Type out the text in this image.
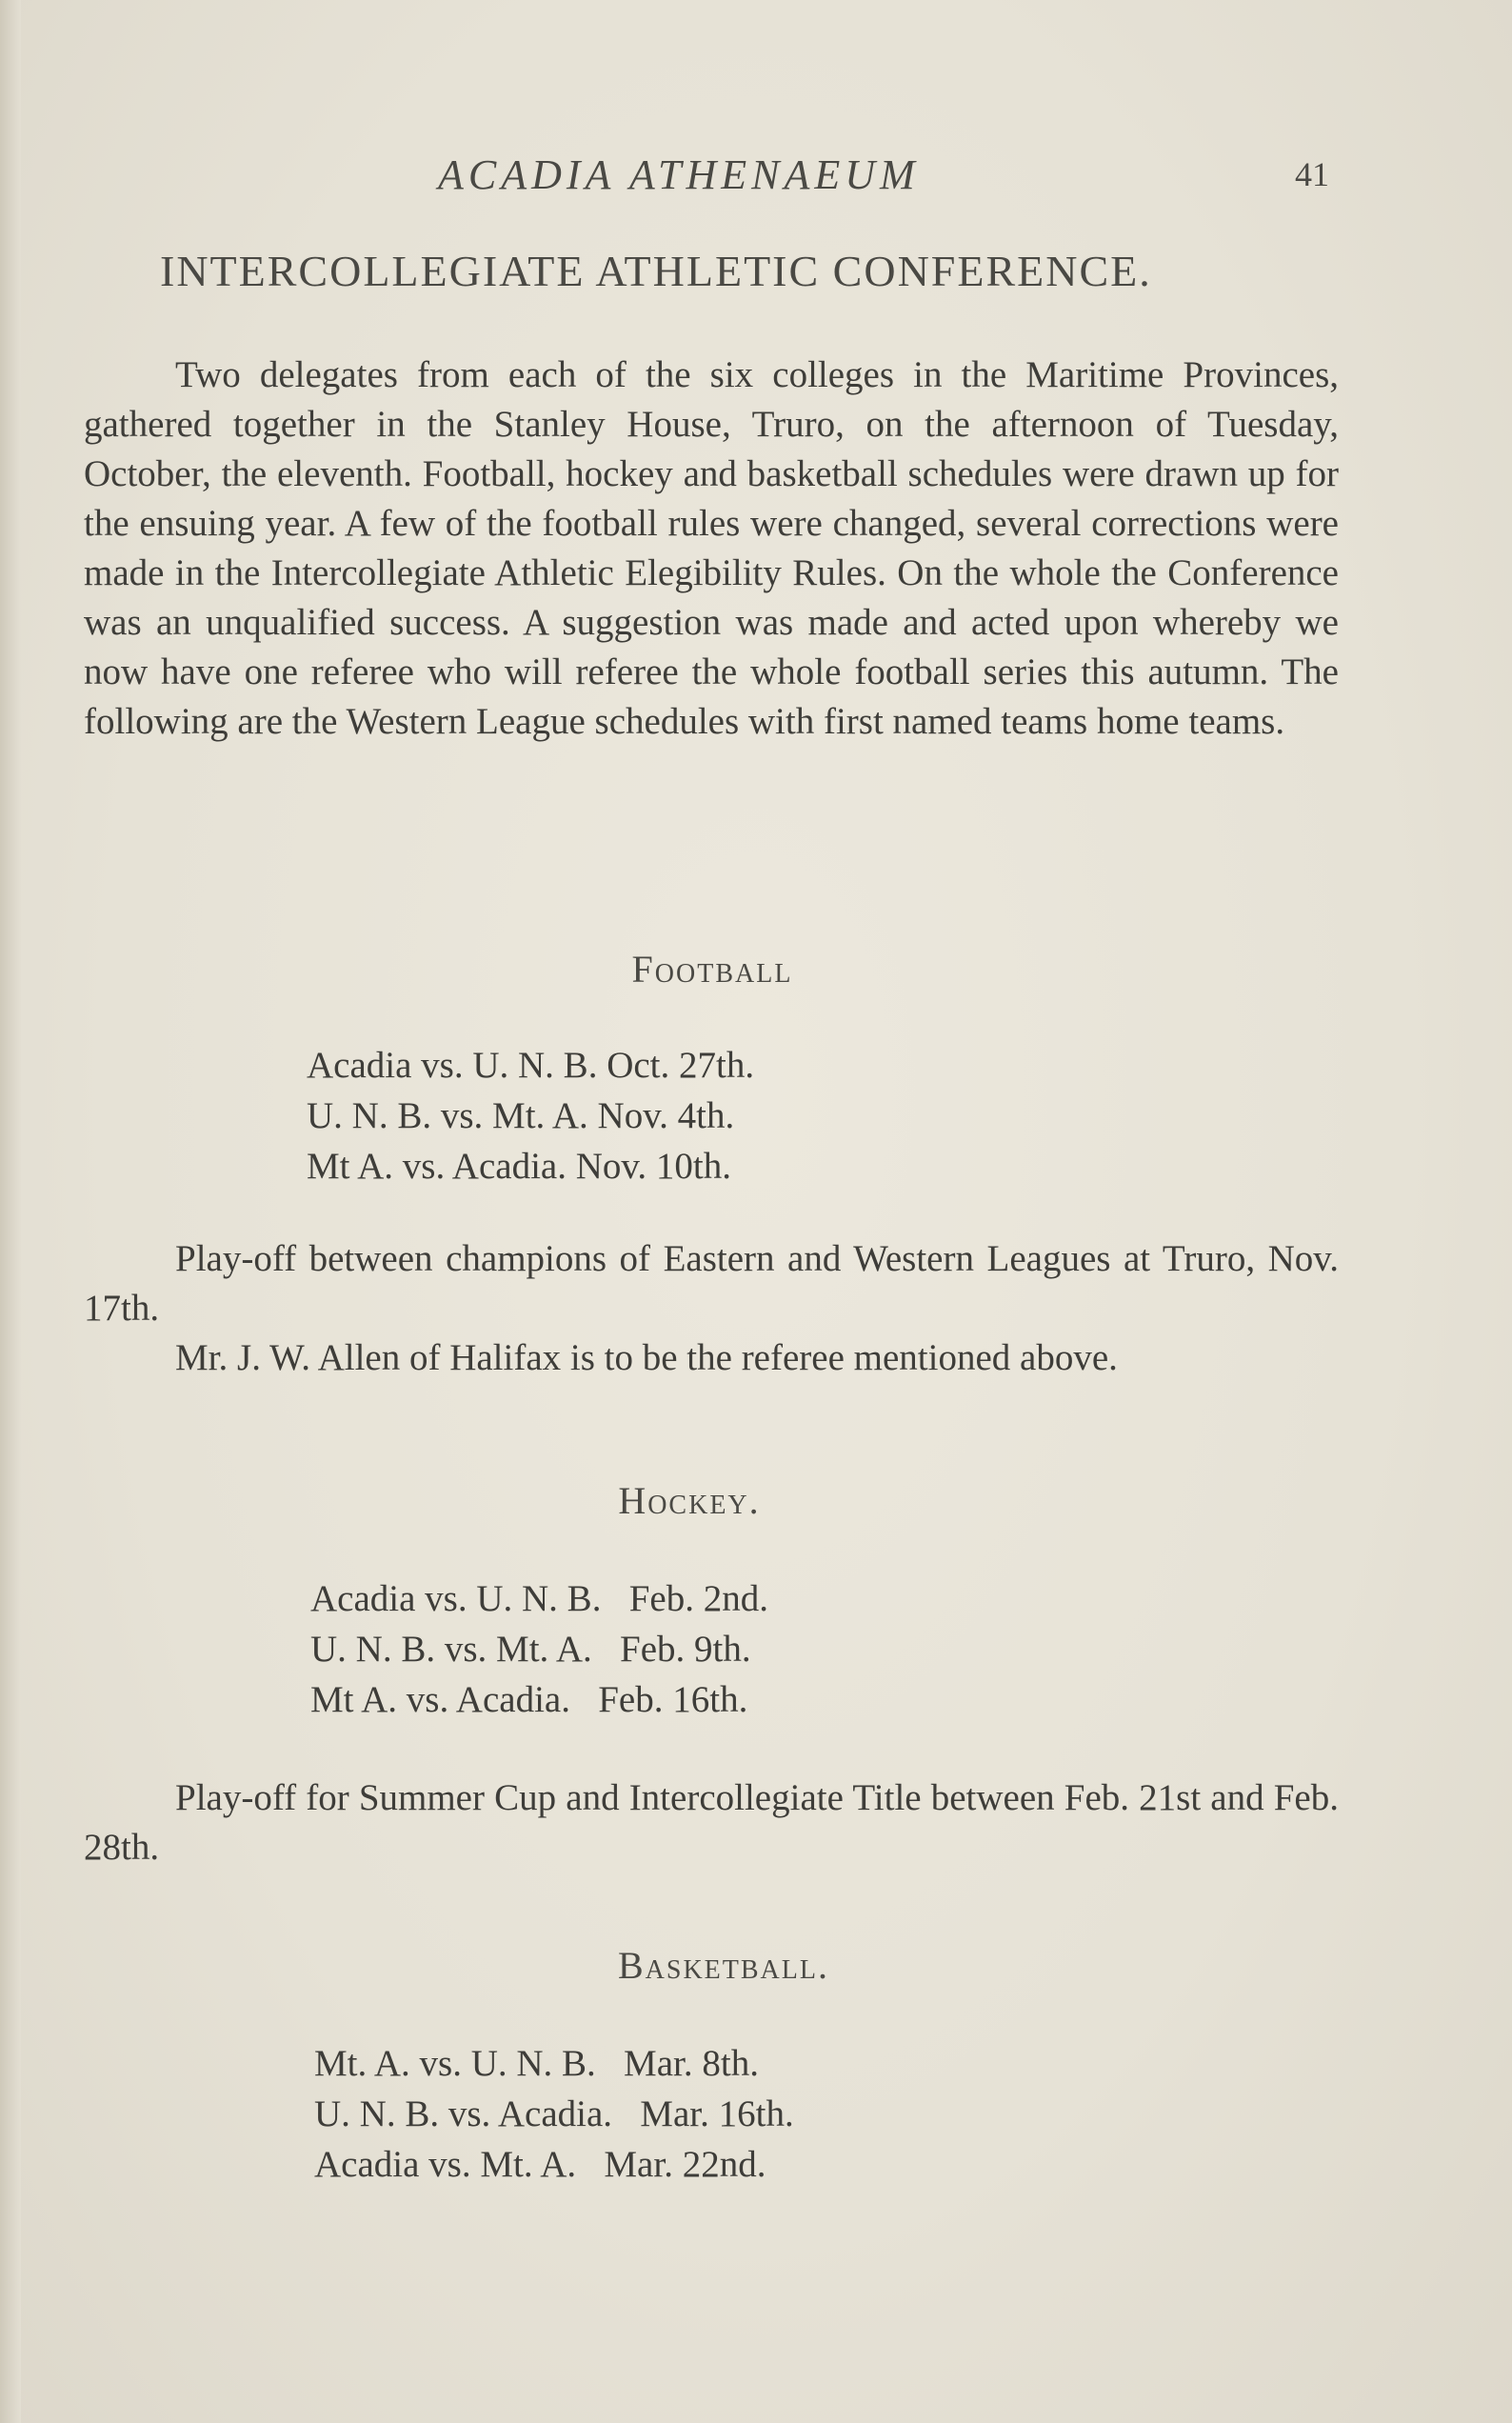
ACADIA ATHENAEUM	41
INTERCOLLEGIATE ATHLETIC CONFERENCE.
Two delegates from each of the six colleges in the Maritime Provinces, gathered together in the Stanley House, Truro, on the afternoon of Tuesday, October, the eleventh. Football, hockey and basketball schedules were drawn up for the ensuing year. A few of the football rules were changed, several corrections were made in the Intercollegiate Athletic Elegibility Rules. On the whole the Conference was an unqualified success. A suggestion was made and acted upon whereby we now have one referee who will referee the whole football series this autumn. The following are the Western League schedules with first named teams home teams.
Football
Acadia vs. U. N. B. Oct. 27th.
U. N. B. vs. Mt. A. Nov. 4th.
Mt A. vs. Acadia. Nov. 10th.
Play-off between champions of Eastern and Western Leagues at Truro, Nov. 17th.
Mr. J. W. Allen of Halifax is to be the referee mentioned above.
Hockey.
Acadia vs. U. N. B.   Feb. 2nd.
U. N. B. vs. Mt. A.   Feb. 9th.
Mt A. vs. Acadia.   Feb. 16th.
Play-off for Summer Cup and Intercollegiate Title between Feb. 21st and Feb. 28th.
Basketball.
Mt. A. vs. U. N. B.   Mar. 8th.
U. N. B. vs. Acadia.   Mar. 16th.
Acadia vs. Mt. A.   Mar. 22nd.
